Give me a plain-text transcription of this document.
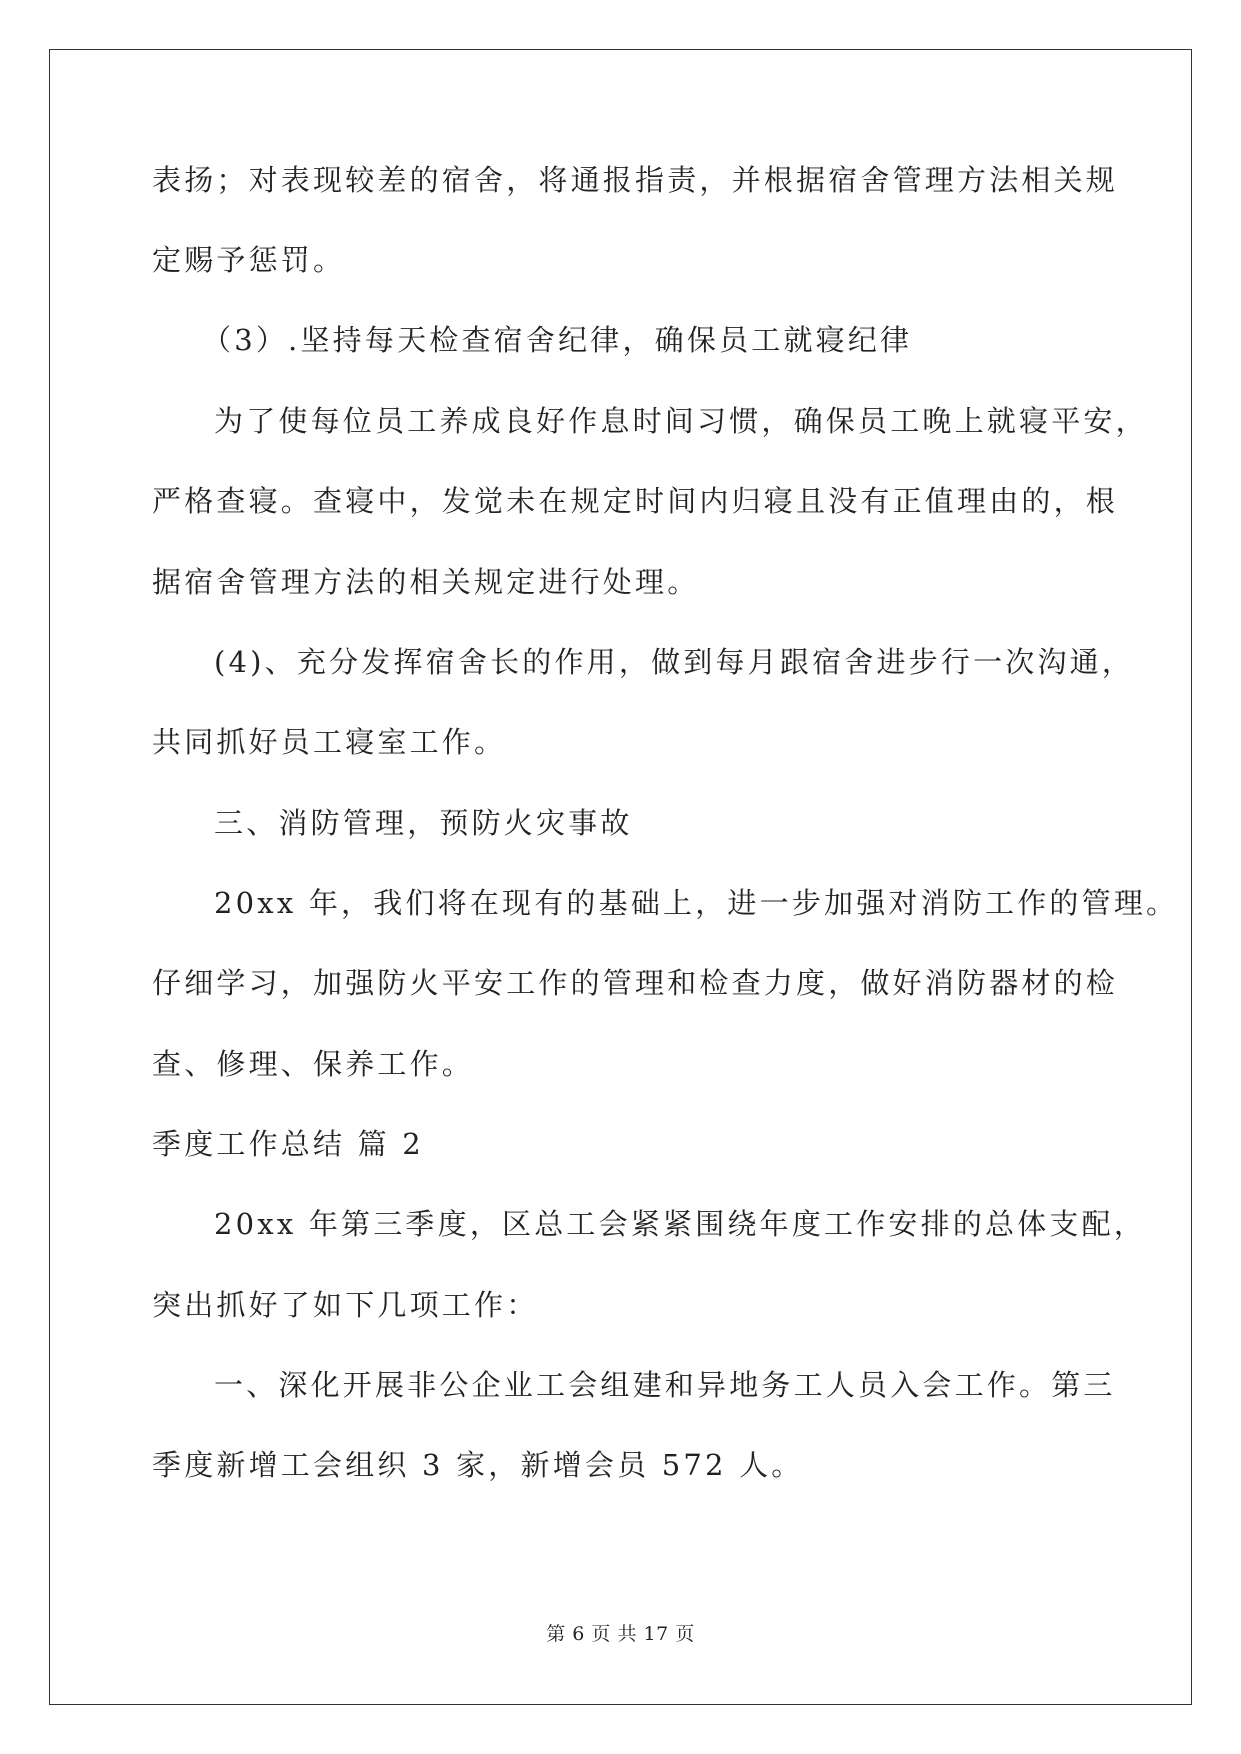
表扬；对表现较差的宿舍，将通报指责，并根据宿舍管理方法相关规
定赐予惩罚。
（3）.坚持每天检查宿舍纪律，确保员工就寝纪律
为了使每位员工养成良好作息时间习惯，确保员工晚上就寝平安，
严格查寝。查寝中，发觉未在规定时间内归寝且没有正值理由的，根
据宿舍管理方法的相关规定进行处理。
(4)、充分发挥宿舍长的作用，做到每月跟宿舍进步行一次沟通，
共同抓好员工寝室工作。
三、消防管理，预防火灾事故
20xx 年，我们将在现有的基础上，进一步加强对消防工作的管理。
仔细学习，加强防火平安工作的管理和检查力度，做好消防器材的检
查、修理、保养工作。
季度工作总结 篇 2
20xx 年第三季度，区总工会紧紧围绕年度工作安排的总体支配，
突出抓好了如下几项工作：
一、深化开展非公企业工会组建和异地务工人员入会工作。第三
季度新增工会组织 3 家，新增会员 572 人。
第 6 页 共 17 页
